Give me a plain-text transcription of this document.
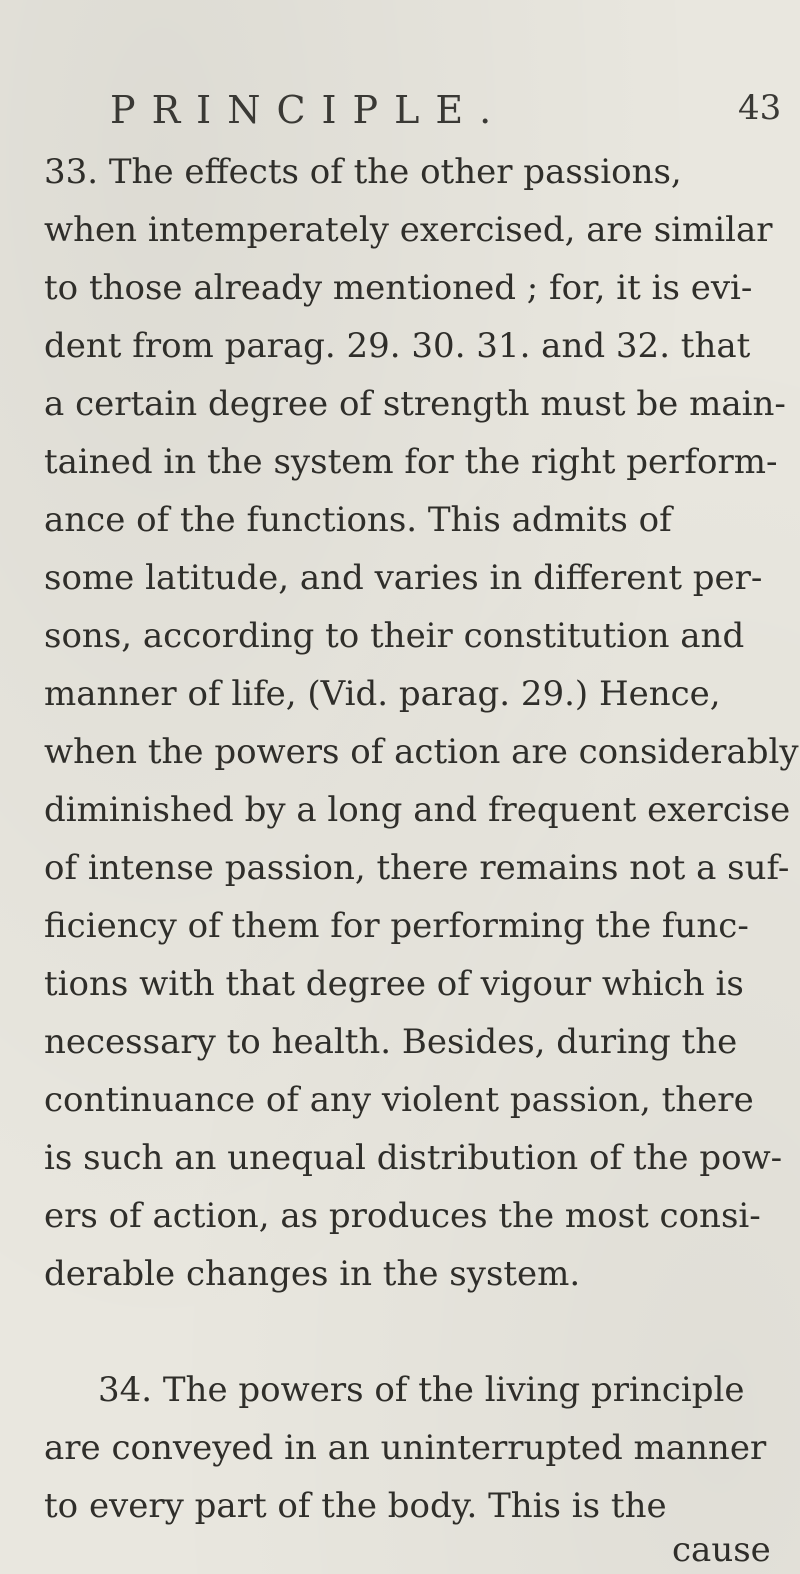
PRINCIPLE.	43
33. The effects of the other passions,
when intemperately exercised, are similar
to those already mentioned ; for, it is evi-
dent from parag. 29. 30. 31. and 32. that
a certain degree of strength must be main-
tained in the system for the right perform-
ance of the functions. This admits of
some latitude, and varies in different per-
sons, according to their constitution and
manner of life, (Vid. parag. 29.) Hence,
when the powers of action are considerably
diminished by a long and frequent exercise
of intense passion, there remains not a suf-
ficiency of them for performing the func-
tions with that degree of vigour which is
necessary to health. Besides, during the
continuance of any violent passion, there
is such an unequal distribution of the pow-
ers of action, as produces the most consi-
derable changes in the system.
34. The powers of the living principle
are conveyed in an uninterrupted manner
to every part of the body. This is the
cause
